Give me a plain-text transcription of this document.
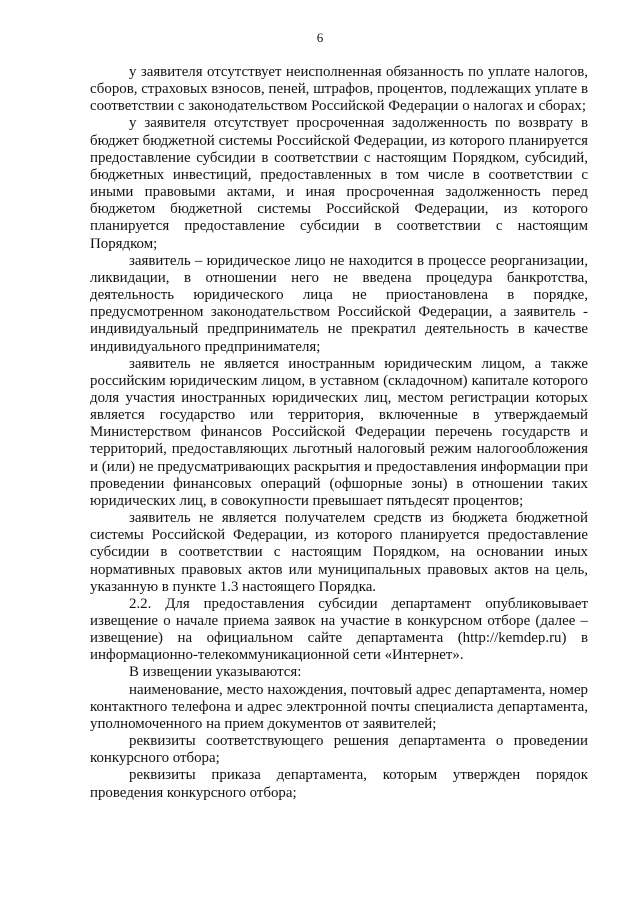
6

у заявителя отсутствует неисполненная обязанность по уплате налогов, сборов, страховых взносов, пеней, штрафов, процентов, подлежащих уплате в соответствии с законодательством Российской Федерации о налогах и сборах;

у заявителя отсутствует просроченная задолженность по возврату в бюджет бюджетной системы Российской Федерации, из которого планируется предоставление субсидии в соответствии с настоящим Порядком, субсидий, бюджетных инвестиций, предоставленных в том числе в соответствии с иными правовыми актами, и иная просроченная задолженность перед бюджетом бюджетной системы Российской Федерации, из которого планируется предоставление субсидии в соответствии с настоящим Порядком;

заявитель – юридическое лицо не находится в процессе реорганизации, ликвидации, в отношении него не введена процедура банкротства, деятельность юридического лица не приостановлена в порядке, предусмотренном законодательством Российской Федерации, а заявитель - индивидуальный предприниматель не прекратил деятельность в качестве индивидуального предпринимателя;

заявитель не является иностранным юридическим лицом, а также российским юридическим лицом, в уставном (складочном) капитале которого доля участия иностранных юридических лиц, местом регистрации которых является государство или территория, включенные в утверждаемый Министерством финансов Российской Федерации перечень государств и территорий, предоставляющих льготный налоговый режим налогообложения и (или) не предусматривающих раскрытия и предоставления информации при проведении финансовых операций (офшорные зоны) в отношении таких юридических лиц, в совокупности превышает пятьдесят процентов;

заявитель не является получателем средств из бюджета бюджетной системы Российской Федерации, из которого планируется предоставление субсидии в соответствии с настоящим Порядком, на основании иных нормативных правовых актов или муниципальных правовых актов на цель, указанную в пункте 1.3 настоящего Порядка.

2.2. Для предоставления субсидии департамент опубликовывает извещение о начале приема заявок на участие в конкурсном отборе (далее – извещение) на официальном сайте департамента (http://kemdep.ru) в информационно-телекоммуникационной сети «Интернет».

В извещении указываются:

наименование, место нахождения, почтовый адрес департамента, номер контактного телефона и адрес электронной почты специалиста департамента, уполномоченного на прием документов от заявителей;

реквизиты соответствующего решения департамента о проведении конкурсного отбора;

реквизиты приказа департамента, которым утвержден порядок проведения конкурсного отбора;
